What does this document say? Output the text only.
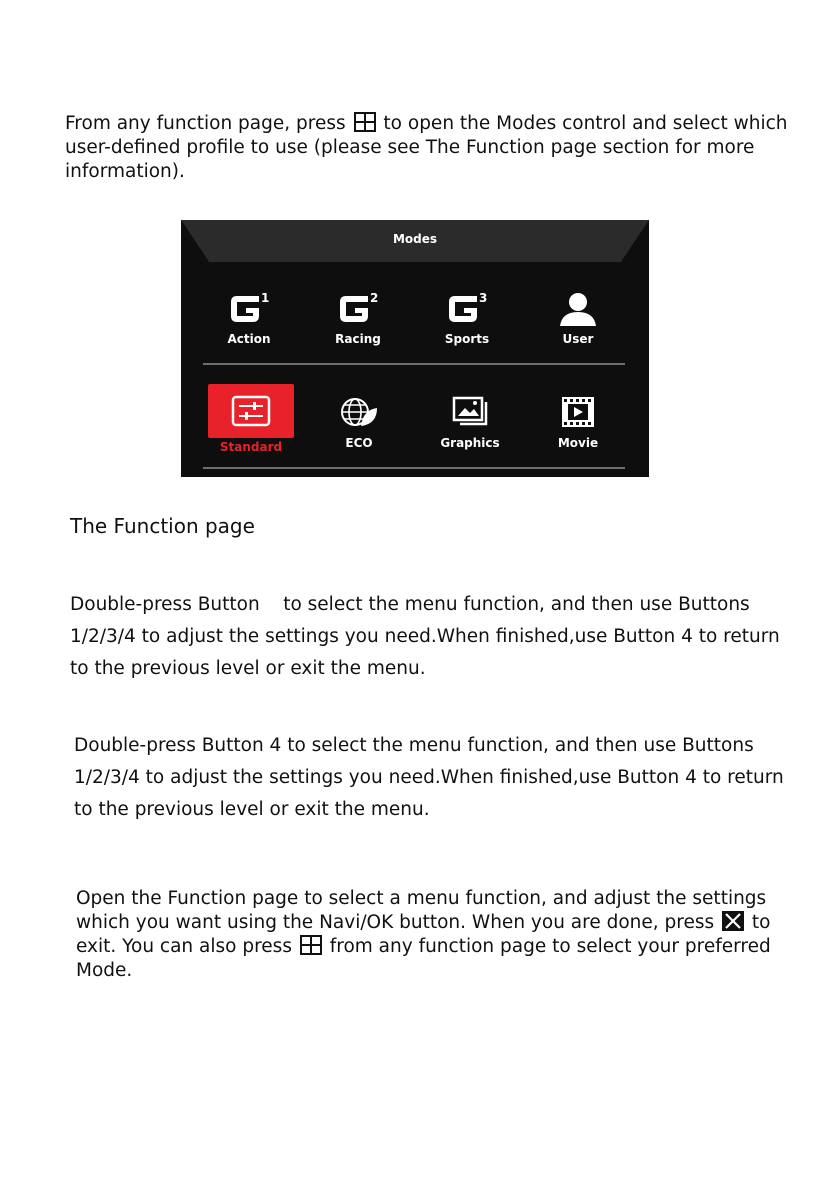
From any function page, press to open the Modes control and select which user-defined profile to use (please see The Function page section for more information).

Modes
1
Action
2
Racing
3
Sports	User
Standard	ECO	Graphics	Movie
The Function page
Double-press Button    to select the menu function, and then use Buttons
1/2/3/4 to adjust the settings you need.When finished,use Button 4 to return
to the previous level or exit the menu.
Double-press Button 4 to select the menu function, and then use Buttons
1/2/3/4 to adjust the settings you need.When finished,use Button 4 to return
to the previous level or exit the menu.

Open the Function page to select a menu function, and adjust the settings which you want using the Navi/OK button. When you are done, press to exit. You can also press from any function page to select your preferred Mode.
